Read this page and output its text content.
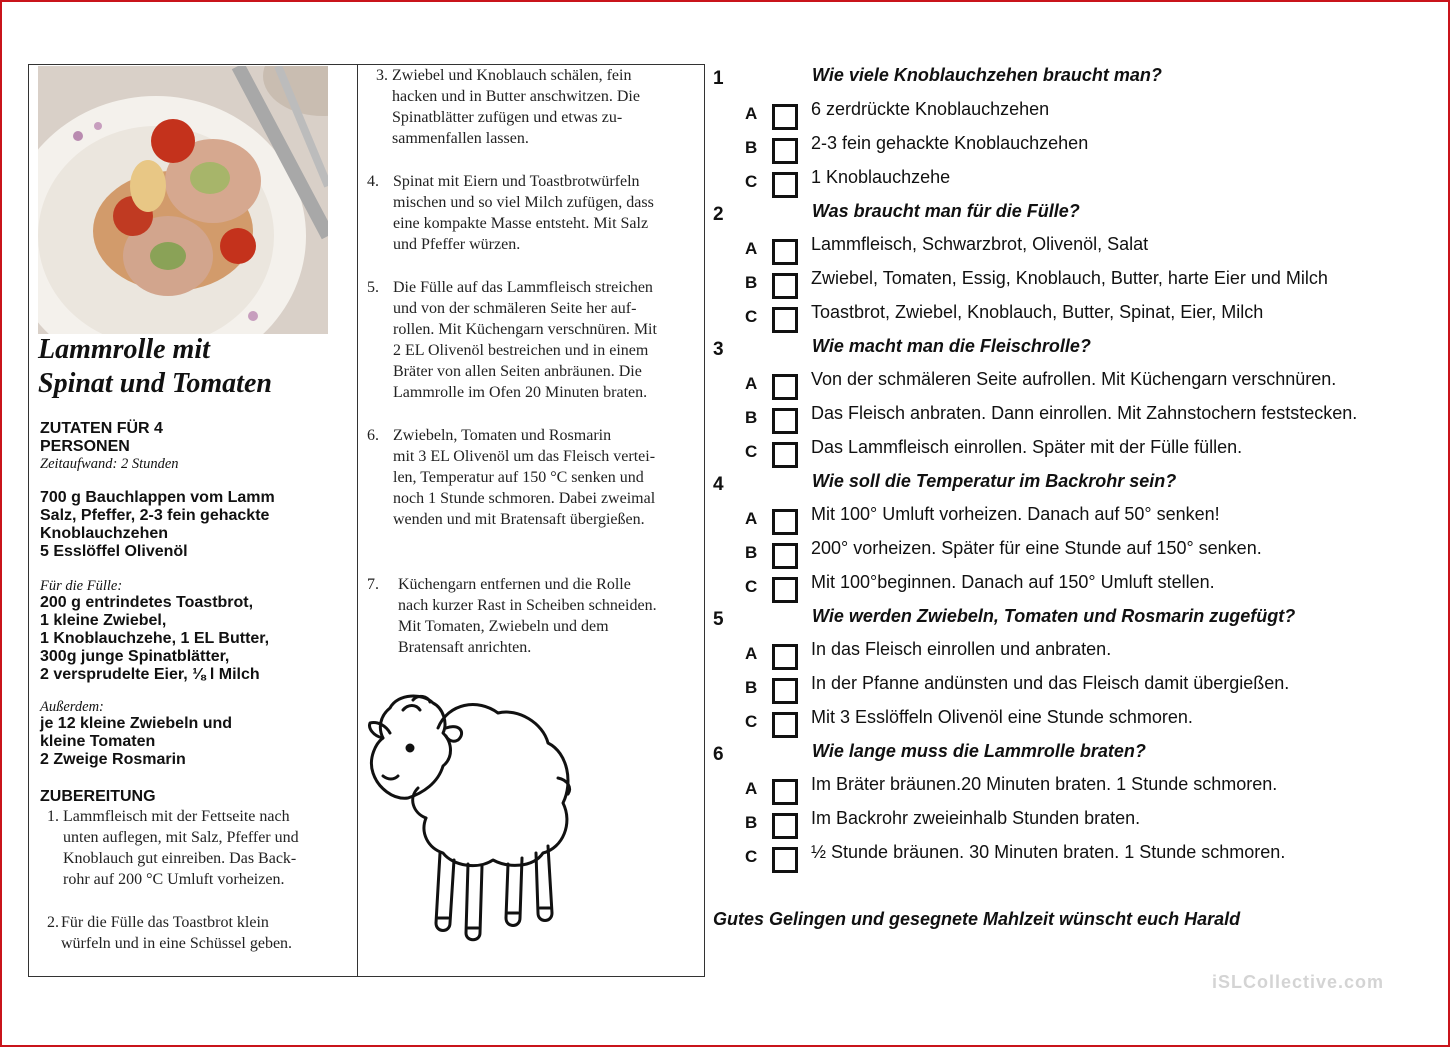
Lammrolle mit
Spinat und Tomaten
ZUTATEN FÜR 4
PERSONEN
Zeitaufwand: 2 Stunden
700 g Bauchlappen vom Lamm
Salz, Pfeffer, 2-3 fein gehackte
Knoblauchzehen
5 Esslöffel Olivenöl
Für die Fülle:
200 g entrindetes Toastbrot,
1 kleine Zwiebel,
1 Knoblauchzehe, 1 EL Butter,
300g junge Spinatblätter,
2 versprudelte Eier, ⅛ l Milch
Außerdem:
je 12 kleine Zwiebeln und
kleine Tomaten
2 Zweige Rosmarin
ZUBEREITUNG
1. Lammfleisch mit der Fettseite nach
unten auflegen, mit Salz, Pfeffer und
Knoblauch gut einreiben. Das Back-
rohr auf 200 °C Umluft vorheizen.
2. Für die Fülle das Toastbrot klein
würfeln und in eine Schüssel geben.
3. Zwiebel und Knoblauch schälen, fein
hacken und in Butter anschwitzen. Die
Spinatblätter zufügen und etwas zu-
sammenfallen lassen.
4. Spinat mit Eiern und Toastbrotwürfeln
mischen und so viel Milch zufügen, dass
eine kompakte Masse entsteht. Mit Salz
und Pfeffer würzen.
5. Die Fülle auf das Lammfleisch streichen
und von der schmäleren Seite her auf-
rollen. Mit Küchengarn verschnüren. Mit
2 EL Olivenöl bestreichen und in einem
Bräter von allen Seiten anbräunen. Die
Lammrolle im Ofen 20 Minuten braten.
6. Zwiebeln, Tomaten und Rosmarin
mit 3 EL Olivenöl um das Fleisch vertei-
len, Temperatur auf 150 °C senken und
noch 1 Stunde schmoren. Dabei zweimal
wenden und mit Bratensaft übergießen.
7. Küchengarn entfernen und die Rolle
nach kurzer Rast in Scheiben schneiden.
Mit Tomaten, Zwiebeln und dem
Bratensaft anrichten.
1	Wie viele Knoblauchzehen braucht man?
A	6 zerdrückte Knoblauchzehen
B	2-3 fein gehackte Knoblauchzehen
C	1 Knoblauchzehe
2	Was braucht man für die Fülle?
A	Lammfleisch, Schwarzbrot, Olivenöl, Salat
B	Zwiebel, Tomaten, Essig, Knoblauch, Butter, harte Eier und Milch
C	Toastbrot, Zwiebel, Knoblauch, Butter, Spinat, Eier, Milch
3	Wie macht man die Fleischrolle?
A	Von der schmäleren Seite aufrollen. Mit Küchengarn verschnüren.
B	Das Fleisch anbraten. Dann einrollen. Mit Zahnstochern feststecken.
C	Das Lammfleisch einrollen. Später mit der Fülle füllen.
4	Wie soll die Temperatur im Backrohr sein?
A	Mit 100° Umluft vorheizen. Danach auf 50° senken!
B	200° vorheizen. Später für eine Stunde auf 150° senken.
C	Mit 100°beginnen. Danach auf 150° Umluft stellen.
5	Wie werden Zwiebeln, Tomaten und Rosmarin zugefügt?
A	In das Fleisch einrollen und anbraten.
B	In der Pfanne andünsten und das Fleisch damit übergießen.
C	Mit 3 Esslöffeln Olivenöl eine Stunde schmoren.
6	Wie lange muss die Lammrolle braten?
A	Im Bräter bräunen.20 Minuten braten. 1 Stunde schmoren.
B	Im Backrohr zweieinhalb Stunden braten.
C	½ Stunde bräunen. 30 Minuten braten. 1 Stunde schmoren.
Gutes Gelingen und gesegnete Mahlzeit wünscht euch Harald
iSLCollective.com
